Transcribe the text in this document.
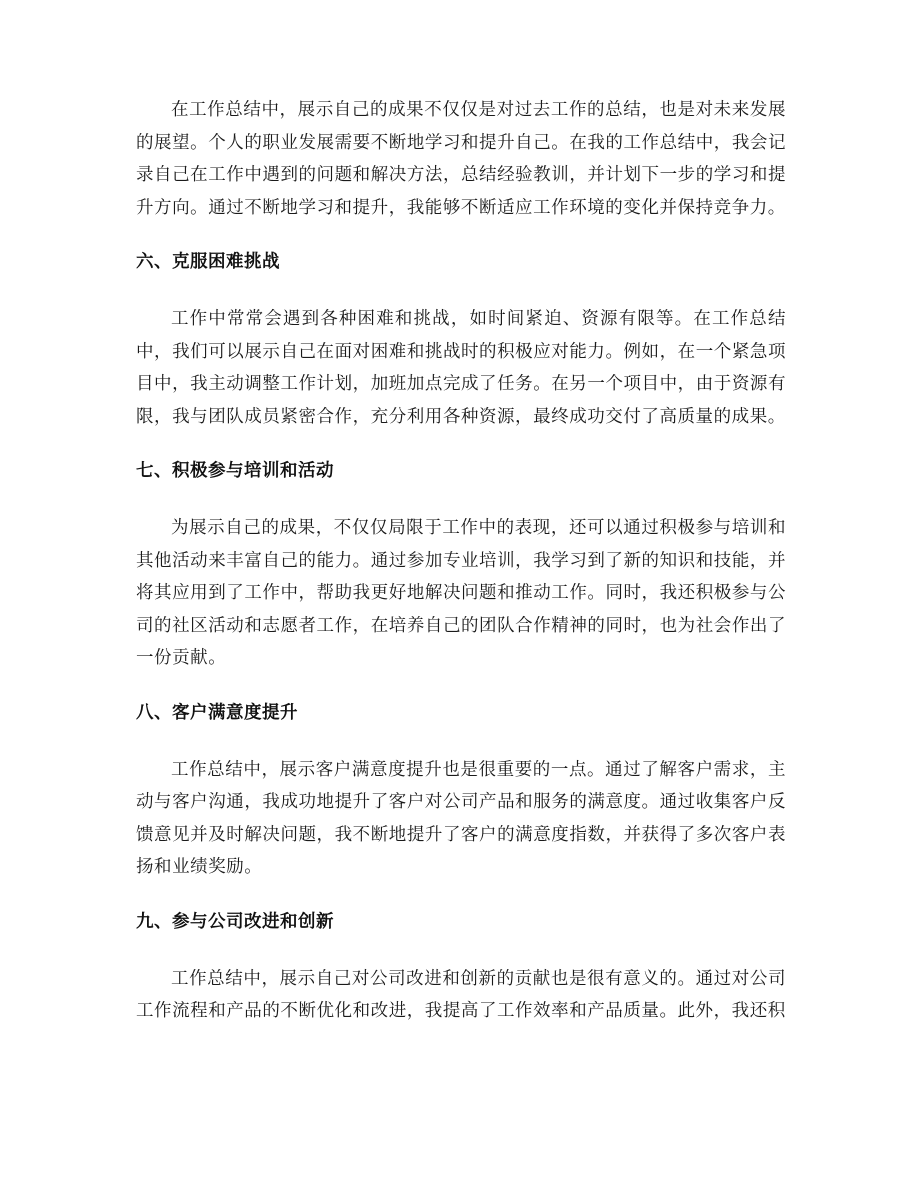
在工作总结中，展示自己的成果不仅仅是对过去工作的总结，也是对未来发展的展望。个人的职业发展需要不断地学习和提升自己。在我的工作总结中，我会记录自己在工作中遇到的问题和解决方法，总结经验教训，并计划下一步的学习和提升方向。通过不断地学习和提升，我能够不断适应工作环境的变化并保持竞争力。

六、克服困难挑战

工作中常常会遇到各种困难和挑战，如时间紧迫、资源有限等。在工作总结中，我们可以展示自己在面对困难和挑战时的积极应对能力。例如，在一个紧急项目中，我主动调整工作计划，加班加点完成了任务。在另一个项目中，由于资源有限，我与团队成员紧密合作，充分利用各种资源，最终成功交付了高质量的成果。

七、积极参与培训和活动

为展示自己的成果，不仅仅局限于工作中的表现，还可以通过积极参与培训和其他活动来丰富自己的能力。通过参加专业培训，我学习到了新的知识和技能，并将其应用到了工作中，帮助我更好地解决问题和推动工作。同时，我还积极参与公司的社区活动和志愿者工作，在培养自己的团队合作精神的同时，也为社会作出了一份贡献。

八、客户满意度提升

工作总结中，展示客户满意度提升也是很重要的一点。通过了解客户需求，主动与客户沟通，我成功地提升了客户对公司产品和服务的满意度。通过收集客户反馈意见并及时解决问题，我不断地提升了客户的满意度指数，并获得了多次客户表扬和业绩奖励。

九、参与公司改进和创新

工作总结中，展示自己对公司改进和创新的贡献也是很有意义的。通过对公司工作流程和产品的不断优化和改进，我提高了工作效率和产品质量。此外，我还积
